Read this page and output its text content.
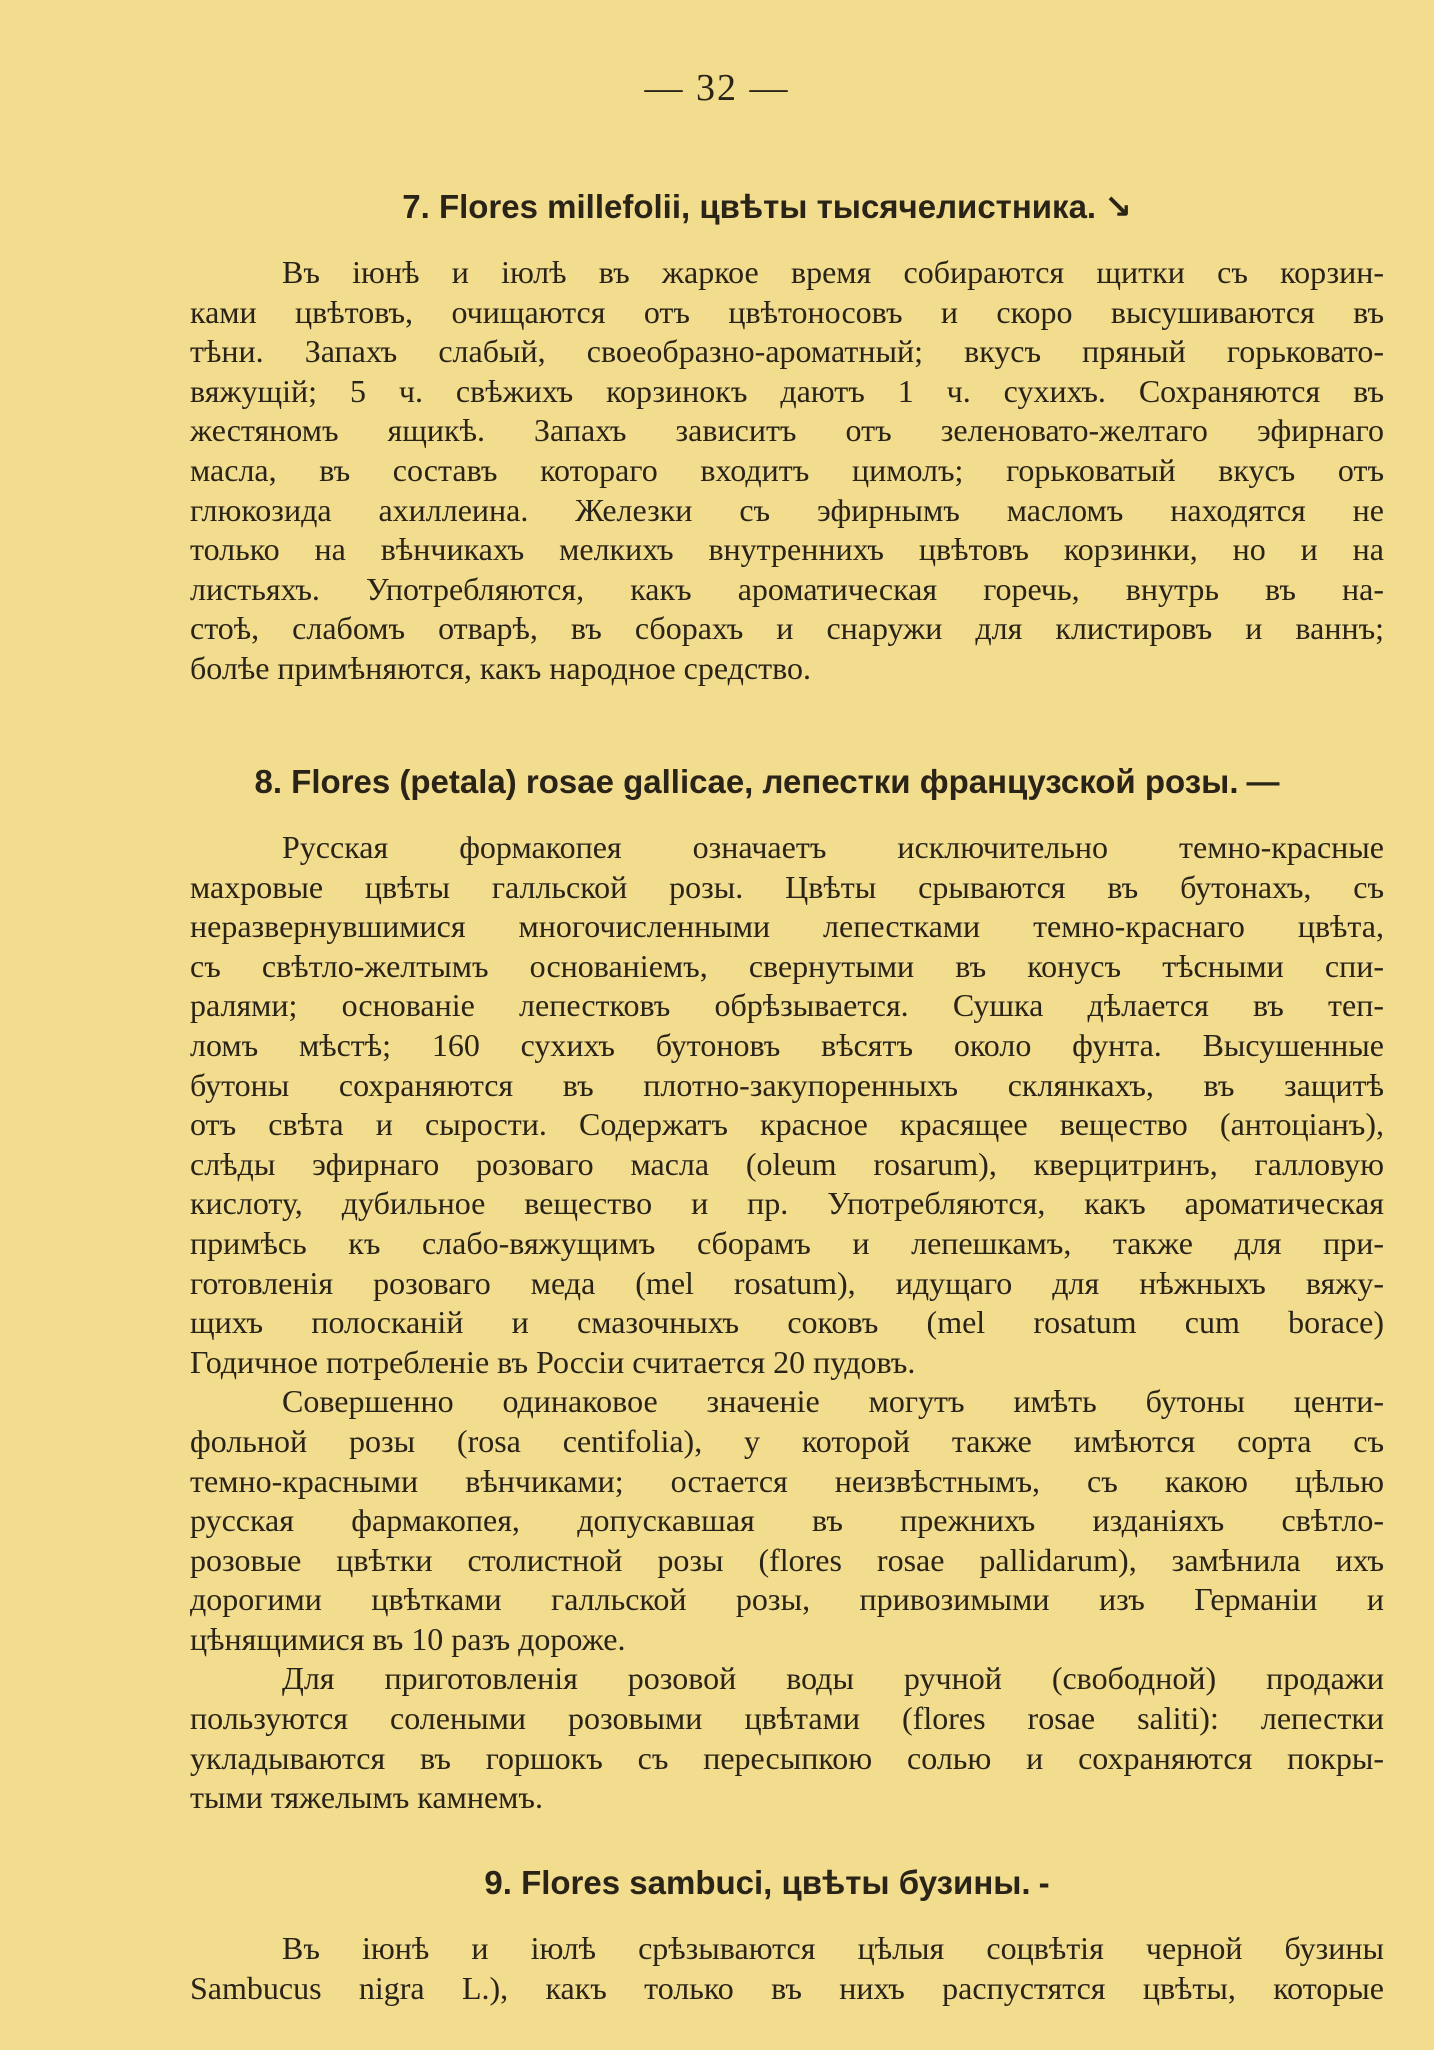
— 32 —
7. Flores millefolii, цвѣты тысячелистника. ↘
Въ іюнѣ и іюлѣ въ жаркое время собираются щитки съ корзин-
ками цвѣтовъ, очищаются отъ цвѣтоносовъ и скоро высушиваются въ
тѣни. Запахъ слабый, своеобразно-ароматный; вкусъ пряный горьковато-
вяжущій; 5 ч. свѣжихъ корзинокъ даютъ 1 ч. сухихъ. Сохраняются въ
жестяномъ ящикѣ. Запахъ зависитъ отъ зеленовато-желтаго эфирнаго
масла, въ составъ котораго входитъ цимолъ; горьковатый вкусъ отъ
глюкозида ахиллеина. Железки съ эфирнымъ масломъ находятся не
только на вѣнчикахъ мелкихъ внутреннихъ цвѣтовъ корзинки, но и на
листьяхъ. Употребляются, какъ ароматическая горечь, внутрь въ на-
стоѣ, слабомъ отварѣ, въ сборахъ и снаружи для клистировъ и ваннъ;
болѣе примѣняются, какъ народное средство.
8. Flores (petala) rosae gallicae, лепестки французской розы. —
Русская формакопея означаетъ исключительно темно-красные
махровые цвѣты галльской розы. Цвѣты срываются въ бутонахъ, съ
неразвернувшимися многочисленными лепестками темно-краснаго цвѣта,
съ свѣтло-желтымъ основаніемъ, свернутыми въ конусъ тѣсными спи-
ралями; основаніе лепестковъ обрѣзывается. Сушка дѣлается въ теп-
ломъ мѣстѣ; 160 сухихъ бутоновъ вѣсятъ около фунта. Высушенные
бутоны сохраняются въ плотно-закупоренныхъ склянкахъ, въ защитѣ
отъ свѣта и сырости. Содержатъ красное красящее вещество (антоціанъ),
слѣды эфирнаго розоваго масла (oleum rosarum), кверцитринъ, галловую
кислоту, дубильное вещество и пр. Употребляются, какъ ароматическая
примѣсь къ слабо-вяжущимъ сборамъ и лепешкамъ, также для при-
готовленія розоваго меда (mel rosatum), идущаго для нѣжныхъ вяжу-
щихъ полосканій и смазочныхъ соковъ (mel rosatum cum borace)
Годичное потребленіе въ Россіи считается 20 пудовъ.
Совершенно одинаковое значеніе могутъ имѣть бутоны центи-
фольной розы (rosa centifolia), у которой также имѣются сорта съ
темно-красными вѣнчиками; остается неизвѣстнымъ, съ какою цѣлью
русская фармакопея, допускавшая въ прежнихъ изданіяхъ свѣтло-
розовые цвѣтки столистной розы (flores rosae pallidarum), замѣнила ихъ
дорогими цвѣтками галльской розы, привозимыми изъ Германіи и
цѣнящимися въ 10 разъ дороже.
Для приготовленія розовой воды ручной (свободной) продажи
пользуются солеными розовыми цвѣтами (flores rosae saliti): лепестки
укладываются въ горшокъ съ пересыпкою солью и сохраняются покры-
тыми тяжелымъ камнемъ.
9. Flores sambuci, цвѣты бузины. -
Въ іюнѣ и іюлѣ срѣзываются цѣлыя соцвѣтія черной бузины
Sambucus nigra L.), какъ только въ нихъ распустятся цвѣты, которые
